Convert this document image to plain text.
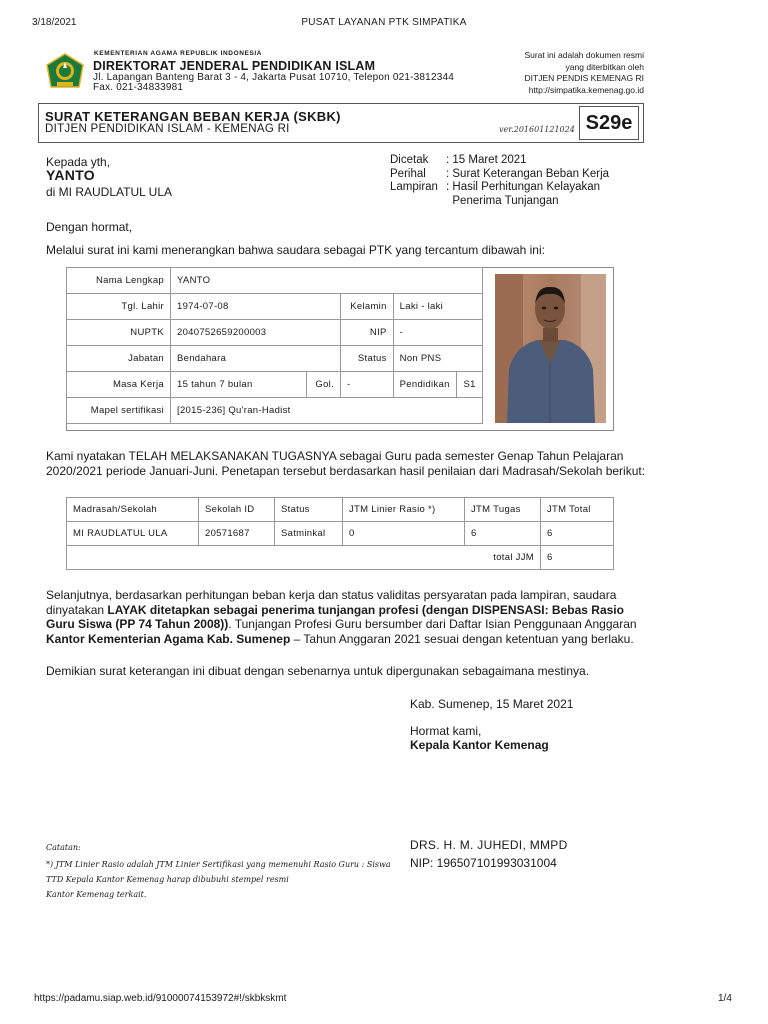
3/18/2021	PUSAT LAYANAN PTK SIMPATIKA
KEMENTERIAN AGAMA REPUBLIK INDONESIA
DIREKTORAT JENDERAL PENDIDIKAN ISLAM
Jl. Lapangan Banteng Barat 3 - 4, Jakarta Pusat 10710, Telepon 021-3812344
Fax. 021-34833981
Surat ini adalah dokumen resmi
yang diterbitkan oleh
DITJEN PENDIS KEMENAG RI
http://simpatika.kemenag.go.id
SURAT KETERANGAN BEBAN KERJA (SKBK)
DITJEN PENDIDIKAN ISLAM - KEMENAG RI	ver.201601121024 S29e
Kepada yth,
YANTO
di MI RAUDLATUL ULA
Dicetak	: 15 Maret 2021
Perihal	: Surat Keterangan Beban Kerja
Lampiran : Hasil Perhitungan Kelayakan
Penerima Tunjangan
Dengan hormat,
Melalui surat ini kami menerangkan bahwa saudara sebagai PTK yang tercantum dibawah ini:
Nama Lengkap	YANTO				
Tgl. Lahir	1974-07-08		Kelamin	Laki - laki	
NUPTK	2040752659200003		NIP	-	
Jabatan	Bendahara		Status	Non PNS	
Masa Kerja	15 tahun 7 bulan	Gol.	-	Pendidikan	S1
Mapel sertifikasi	[2015-236] Qu'ran-Hadist				
Kami nyatakan TELAH MELAKSANAKAN TUGASNYA sebagai Guru pada semester Genap Tahun Pelajaran 2020/2021 periode Januari-Juni. Penetapan tersebut berdasarkan hasil penilaian dari Madrasah/Sekolah berikut:
Madrasah/Sekolah	Sekolah ID	Status	JTM Linier Rasio *)	JTM Tugas	JTM Total
MI RAUDLATUL ULA	20571687	Satminkal	0	6	6
total JJM					6
Selanjutnya, berdasarkan perhitungan beban kerja dan status validitas persyaratan pada lampiran, saudara dinyatakan LAYAK ditetapkan sebagai penerima tunjangan profesi (dengan DISPENSASI: Bebas Rasio Guru Siswa (PP 74 Tahun 2008)). Tunjangan Profesi Guru bersumber dari Daftar Isian Penggunaan Anggaran Kantor Kementerian Agama Kab. Sumenep – Tahun Anggaran 2021 sesuai dengan ketentuan yang berlaku.
Demikian surat keterangan ini dibuat dengan sebenarnya untuk dipergunakan sebagaimana mestinya.
Kab. Sumenep, 15 Maret 2021
Hormat kami,
Kepala Kantor Kemenag
DRS. H. M. JUHEDI, MMPD
NIP: 196507101993031004
Catatan:
*) JTM Linier Rasio adalah JTM Linier Sertifikasi yang memenuhi Rasio Guru : Siswa
TTD Kepala Kantor Kemenag harap dibubuhi stempel resmi
Kantor Kemenag terkait.
https://padamu.siap.web.id/91000074153972#!/skbkskmt	1/4
